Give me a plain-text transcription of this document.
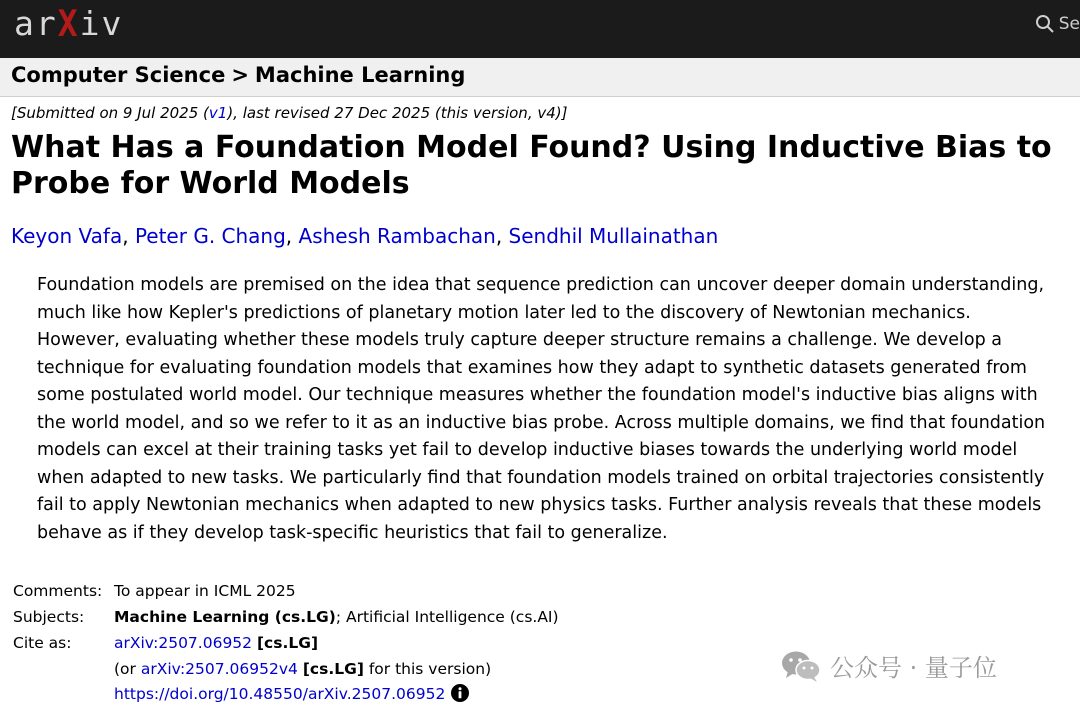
arXiv	Se
Computer Science > Machine Learning
[Submitted on 9 Jul 2025 (v1), last revised 27 Dec 2025 (this version, v4)]
What Has a Foundation Model Found? Using Inductive Bias to Probe for World Models
Keyon Vafa, Peter G. Chang, Ashesh Rambachan, Sendhil Mullainathan
Foundation models are premised on the idea that sequence prediction can uncover deeper domain understanding,
much like how Kepler's predictions of planetary motion later led to the discovery of Newtonian mechanics.
However, evaluating whether these models truly capture deeper structure remains a challenge. We develop a
technique for evaluating foundation models that examines how they adapt to synthetic datasets generated from
some postulated world model. Our technique measures whether the foundation model's inductive bias aligns with
the world model, and so we refer to it as an inductive bias probe. Across multiple domains, we find that foundation
models can excel at their training tasks yet fail to develop inductive biases towards the underlying world model
when adapted to new tasks. We particularly find that foundation models trained on orbital trajectories consistently
fail to apply Newtonian mechanics when adapted to new physics tasks. Further analysis reveals that these models
behave as if they develop task-specific heuristics that fail to generalize.
Comments:	To appear in ICML 2025
Subjects:	Machine Learning (cs.LG); Artificial Intelligence (cs.AI)
Cite as:	arXiv:2507.06952 [cs.LG]
	(or arXiv:2507.06952v4 [cs.LG] for this version)
	https://doi.org/10.48550/arXiv.2507.06952
公众号 · 量子位
